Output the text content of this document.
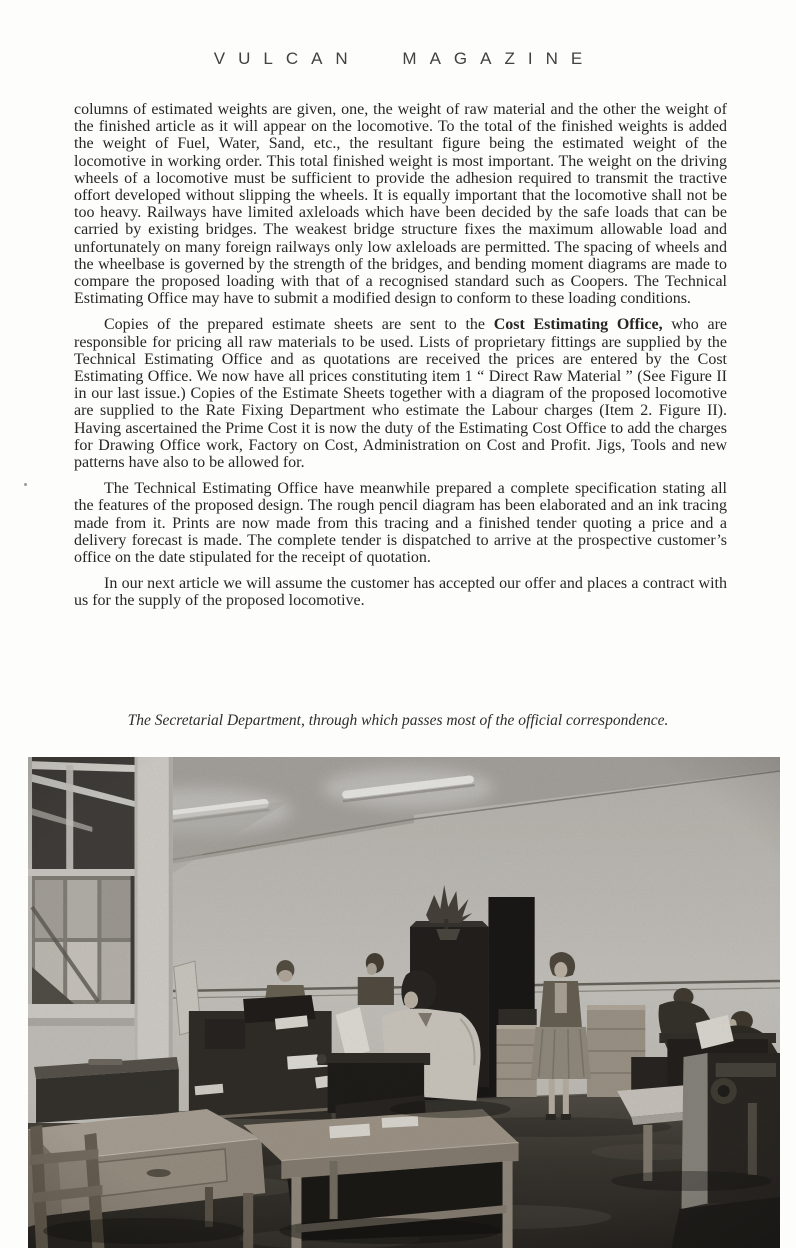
VULCAN MAGAZINE

columns of estimated weights are given, one, the weight of raw material and the other the weight of the finished article as it will appear on the locomotive. To the total of the finished weights is added the weight of Fuel, Water, Sand, etc., the resultant figure being the estimated weight of the locomotive in working order. This total finished weight is most important. The weight on the driving wheels of a locomotive must be sufficient to provide the adhesion required to transmit the tractive offort developed without slipping the wheels. It is equally important that the locomotive shall not be too heavy. Railways have limited axleloads which have been decided by the safe loads that can be carried by existing bridges. The weakest bridge structure fixes the maximum allowable load and unfortunately on many foreign railways only low axleloads are permitted. The spacing of wheels and the wheelbase is governed by the strength of the bridges, and bending moment diagrams are made to compare the proposed loading with that of a recognised standard such as Coopers. The Technical Estimating Office may have to submit a modified design to conform to these loading conditions.

Copies of the prepared estimate sheets are sent to the Cost Estimating Office, who are responsible for pricing all raw materials to be used. Lists of proprietary fittings are supplied by the Technical Estimating Office and as quotations are received the prices are entered by the Cost Estimating Office. We now have all prices constituting item 1 “ Direct Raw Material ” (See Figure II in our last issue.) Copies of the Estimate Sheets together with a diagram of the proposed locomotive are supplied to the Rate Fixing Department who estimate the Labour charges (Item 2. Figure II). Having ascertained the Prime Cost it is now the duty of the Estimating Cost Office to add the charges for Drawing Office work, Factory on Cost, Administration on Cost and Profit. Jigs, Tools and new patterns have also to be allowed for.

The Technical Estimating Office have meanwhile prepared a complete specification stating all the features of the proposed design. The rough pencil diagram has been elaborated and an ink tracing made from it. Prints are now made from this tracing and a finished tender quoting a price and a delivery forecast is made. The complete tender is dispatched to arrive at the prospective customer’s office on the date stipulated for the receipt of quotation.

In our next article we will assume the customer has accepted our offer and places a contract with us for the supply of the proposed locomotive.

The Secretarial Department, through which passes most of the official correspondence.
